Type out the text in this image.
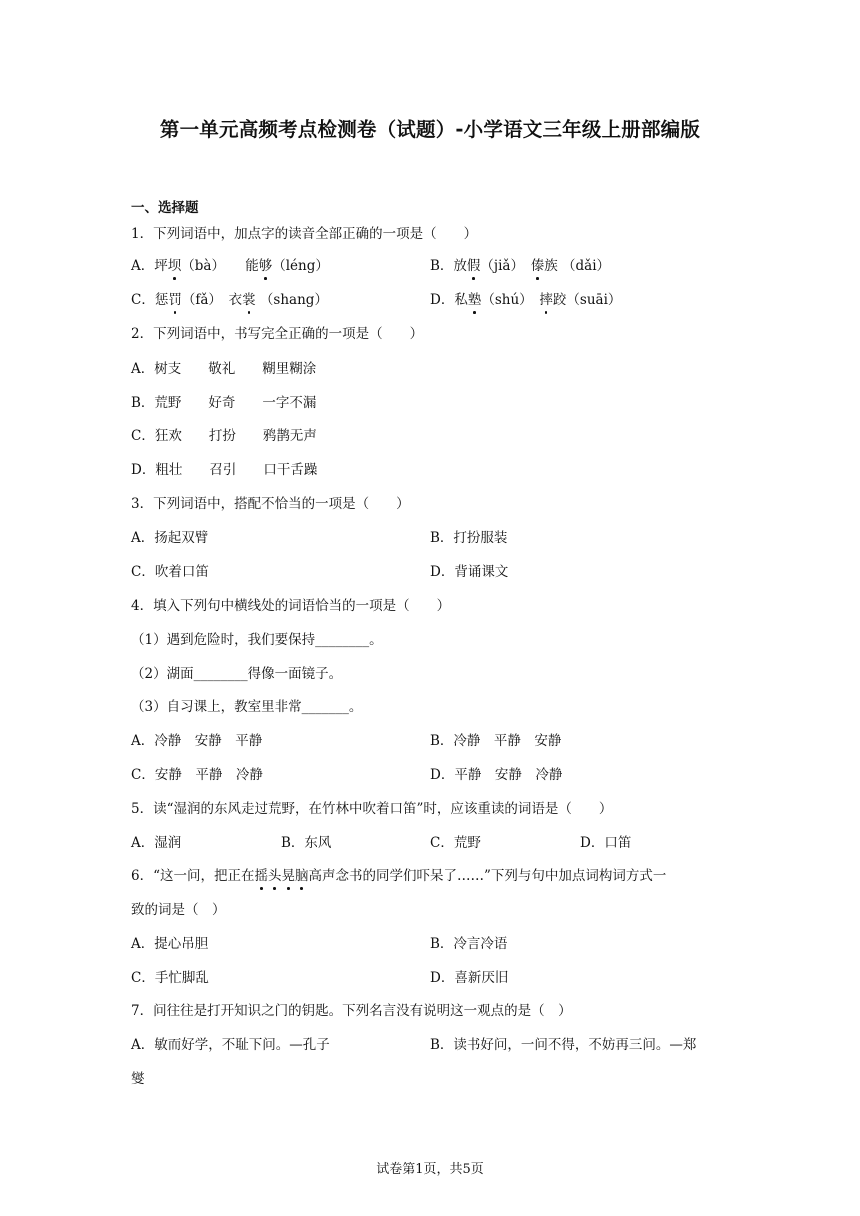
第一单元高频考点检测卷（试题）-小学语文三年级上册部编版
一、选择题
1．下列词语中，加点字的读音全部正确的一项是（　　）
A．坪坝（bà）　　能够（léng）	B．放假（jiǎ）　傣族 （dǎi）
C．惩罚（fǎ）　衣裳 （shang）	D．私塾（shú）　摔跤（suāi）
2．下列词语中，书写完全正确的一项是（　　）
A．树支　　敬礼　　糊里糊涂
B．荒野　　好奇　　一字不漏
C．狂欢　　打扮　　鸦鹊无声
D．粗壮　　召引　　口干舌躁
3．下列词语中，搭配不恰当的一项是（　　）
A．扬起双臂	B．打扮服装
C．吹着口笛	D．背诵课文
4．填入下列句中横线处的词语恰当的一项是（　　）
（1）遇到危险时，我们要保持________。
（2）湖面________得像一面镜子。
（3）自习课上，教室里非常_______。
A．冷静　安静　平静	B．冷静　平静　安静
C．安静　平静　冷静	D．平静　安静　冷静
5．读“湿润的东风走过荒野，在竹林中吹着口笛”时，应该重读的词语是（　　）
A．湿润	B．东风	C．荒野	D．口笛
6．“这一问，把正在摇头晃脑高声念书的同学们吓呆了……”下列与句中加点词构词方式一
致的词是（　）
A．提心吊胆	B．冷言冷语
C．手忙脚乱	D．喜新厌旧
7．问往往是打开知识之门的钥匙。下列名言没有说明这一观点的是（　）
A．敏而好学，不耻下问。—孔子	B．读书好问，一问不得，不妨再三问。—郑
燮
试卷第1页，共5页
